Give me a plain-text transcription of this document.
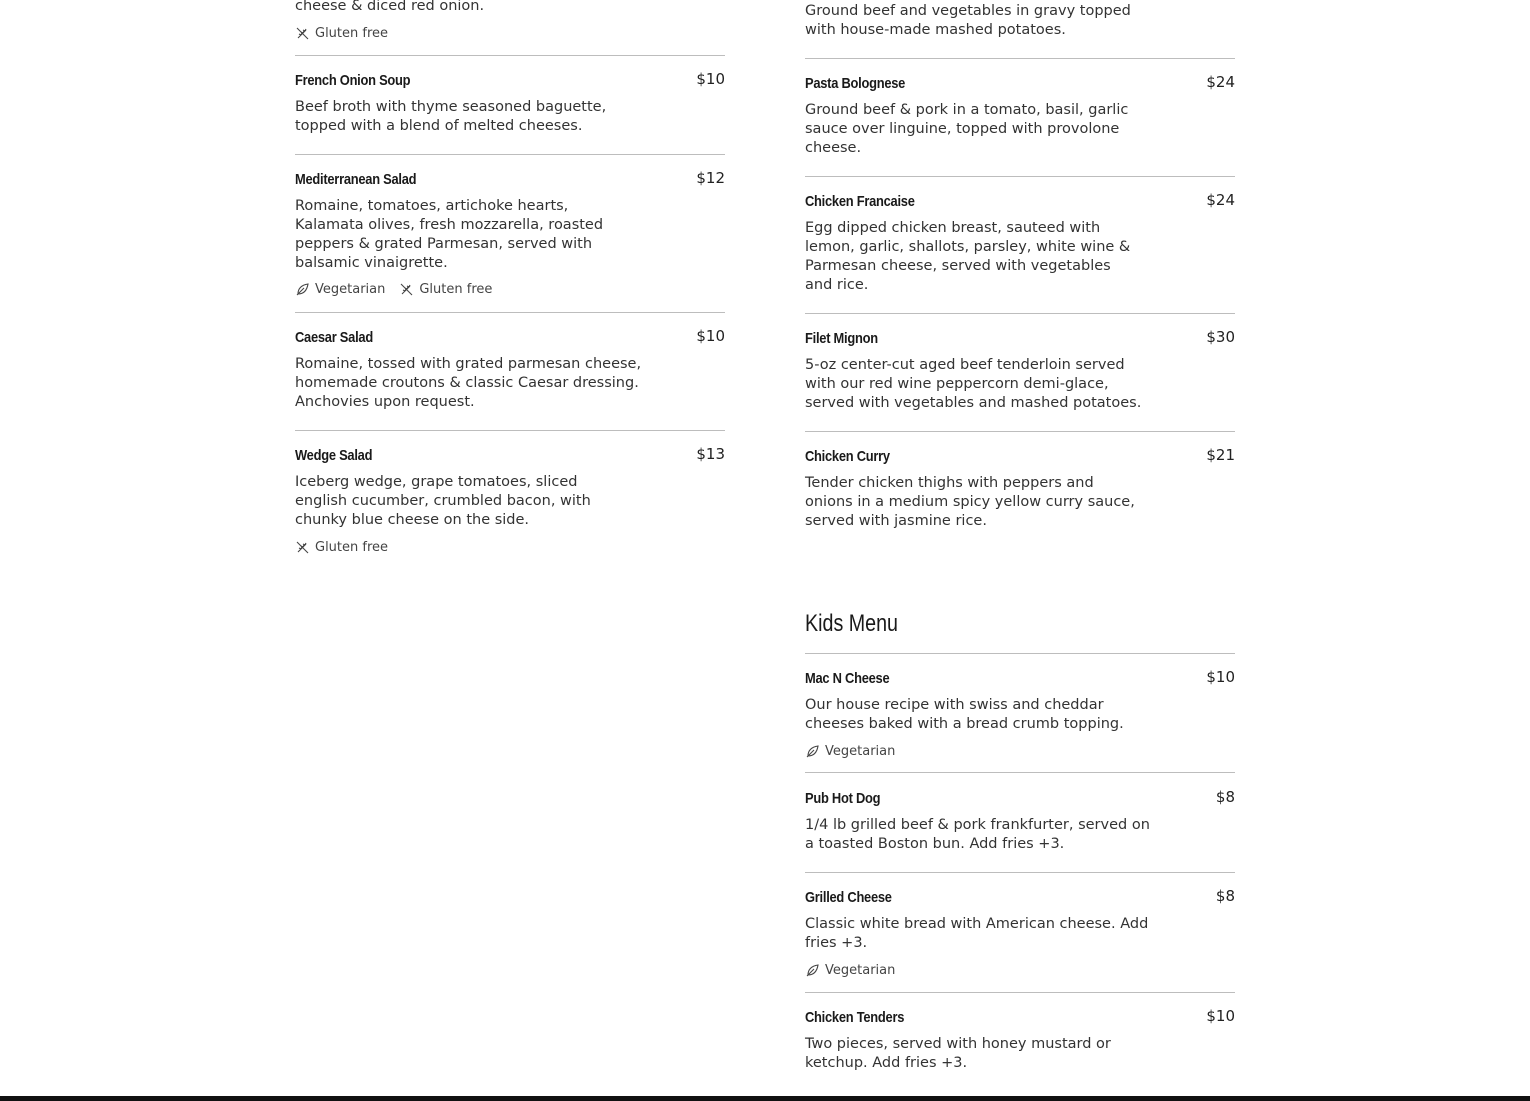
cheese & diced red onion.
Gluten free
French Onion Soup	$10
Beef broth with thyme seasoned baguette, topped with a blend of melted cheeses.
Mediterranean Salad	$12
Romaine, tomatoes, artichoke hearts, Kalamata olives, fresh mozzarella, roasted peppers & grated Parmesan, served with balsamic vinaigrette.
Vegetarian	Gluten free
Caesar Salad	$10
Romaine, tossed with grated parmesan cheese, homemade croutons & classic Caesar dressing. Anchovies upon request.
Wedge Salad	$13
Iceberg wedge, grape tomatoes, sliced english cucumber, crumbled bacon, with chunky blue cheese on the side.
Gluten free
Ground beef and vegetables in gravy topped with house-made mashed potatoes.
Pasta Bolognese	$24
Ground beef & pork in a tomato, basil, garlic sauce over linguine, topped with provolone cheese.
Chicken Francaise	$24
Egg dipped chicken breast, sauteed with lemon, garlic, shallots, parsley, white wine & Parmesan cheese, served with vegetables and rice.
Filet Mignon	$30
5-oz center-cut aged beef tenderloin served with our red wine peppercorn demi-glace, served with vegetables and mashed potatoes.
Chicken Curry	$21
Tender chicken thighs with peppers and onions in a medium spicy yellow curry sauce, served with jasmine rice.
Kids Menu
Mac N Cheese	$10
Our house recipe with swiss and cheddar cheeses baked with a bread crumb topping.
Vegetarian
Pub Hot Dog	$8
1/4 lb grilled beef & pork frankfurter, served on a toasted Boston bun. Add fries +3.
Grilled Cheese	$8
Classic white bread with American cheese. Add fries +3.
Vegetarian
Chicken Tenders	$10
Two pieces, served with honey mustard or ketchup. Add fries +3.
